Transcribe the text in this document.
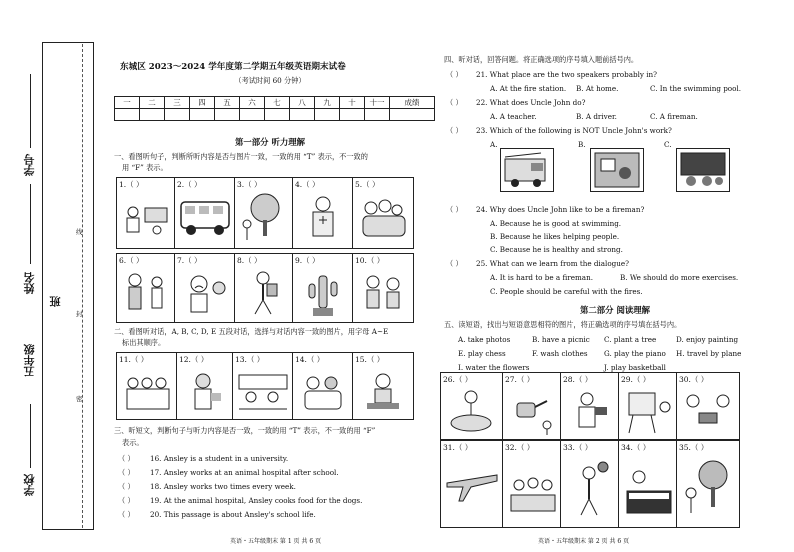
学校
五年级
班
姓名
学号
密
封
线
东城区 2023～2024 学年度第二学期五年级英语期末试卷
（考试时间 60 分钟）
一	二	三	四	五	六	七	八	九	十	十一	成绩

第一部分 听力理解
一、看图听句子，判断所听内容是否与图片一致，一致的用 “T” 表示，不一致的
用 “F” 表示。
1.（ ）	2.（ ）	3.（ ）	4.（ ）	5.（ ）
6.（ ）	7.（ ）	8.（ ）	9.（ ）	10.（ ）
二、看图听对话，A, B, C, D, E 五段对话，选择与对话内容一致的图片，用字母 A~E
标出其顺序。
11.（ ）	12.（ ）	13.（ ）	14.（ ）	15.（ ）
三、听短文，判断句子与听力内容是否一致，一致的用 “T” 表示，不一致的用 “F”
表示。
（ ） 16. Ansley is a student in a university.
（ ） 17. Ansley works at an animal hospital after school.
（ ） 18. Ansley works two times every week.
（ ） 19. At the animal hospital, Ansley cooks food for the dogs.
（ ） 20. This passage is about Ansley's school life.
英语・五年级期末 第 1 页 共 6 页
四、听对话，回答问题。将正确选项的序号填入题前括号内。
（ ） 21. What place are the two speakers probably in?
A. At the fire station. B. At home.	C. In the swimming pool.
（ ） 22. What does Uncle John do?
A. A teacher.	B. A driver.	C. A fireman.
（ ） 23. Which of the following is NOT Uncle John's work?
A.	B.	C.
（ ） 24. Why does Uncle John like to be a fireman?
A. Because he is good at swimming.
B. Because he likes helping people.
C. Because he is healthy and strong.
（ ） 25. What can we learn from the dialogue?
A. It is hard to be a fireman.	B. We should do more exercises.
C. People should be careful with the fires.
第二部分 阅读理解
五、读短语，找出与短语意思相符的图片，将正确选项的序号填在括号内。
A. take photos	B. have a picnic C. plant a tree	D. enjoy painting
E. play chess	F. wash clothes G. play the piano H. travel by plane
I. water the flowers	J. play basketball
26.（ ）	27.（ ）	28.（ ）	29.（ ）	30.（ ）
31.（ ）	32.（ ）	33.（ ）	34.（ ）	35.（ ）
英语・五年级期末 第 2 页 共 6 页
